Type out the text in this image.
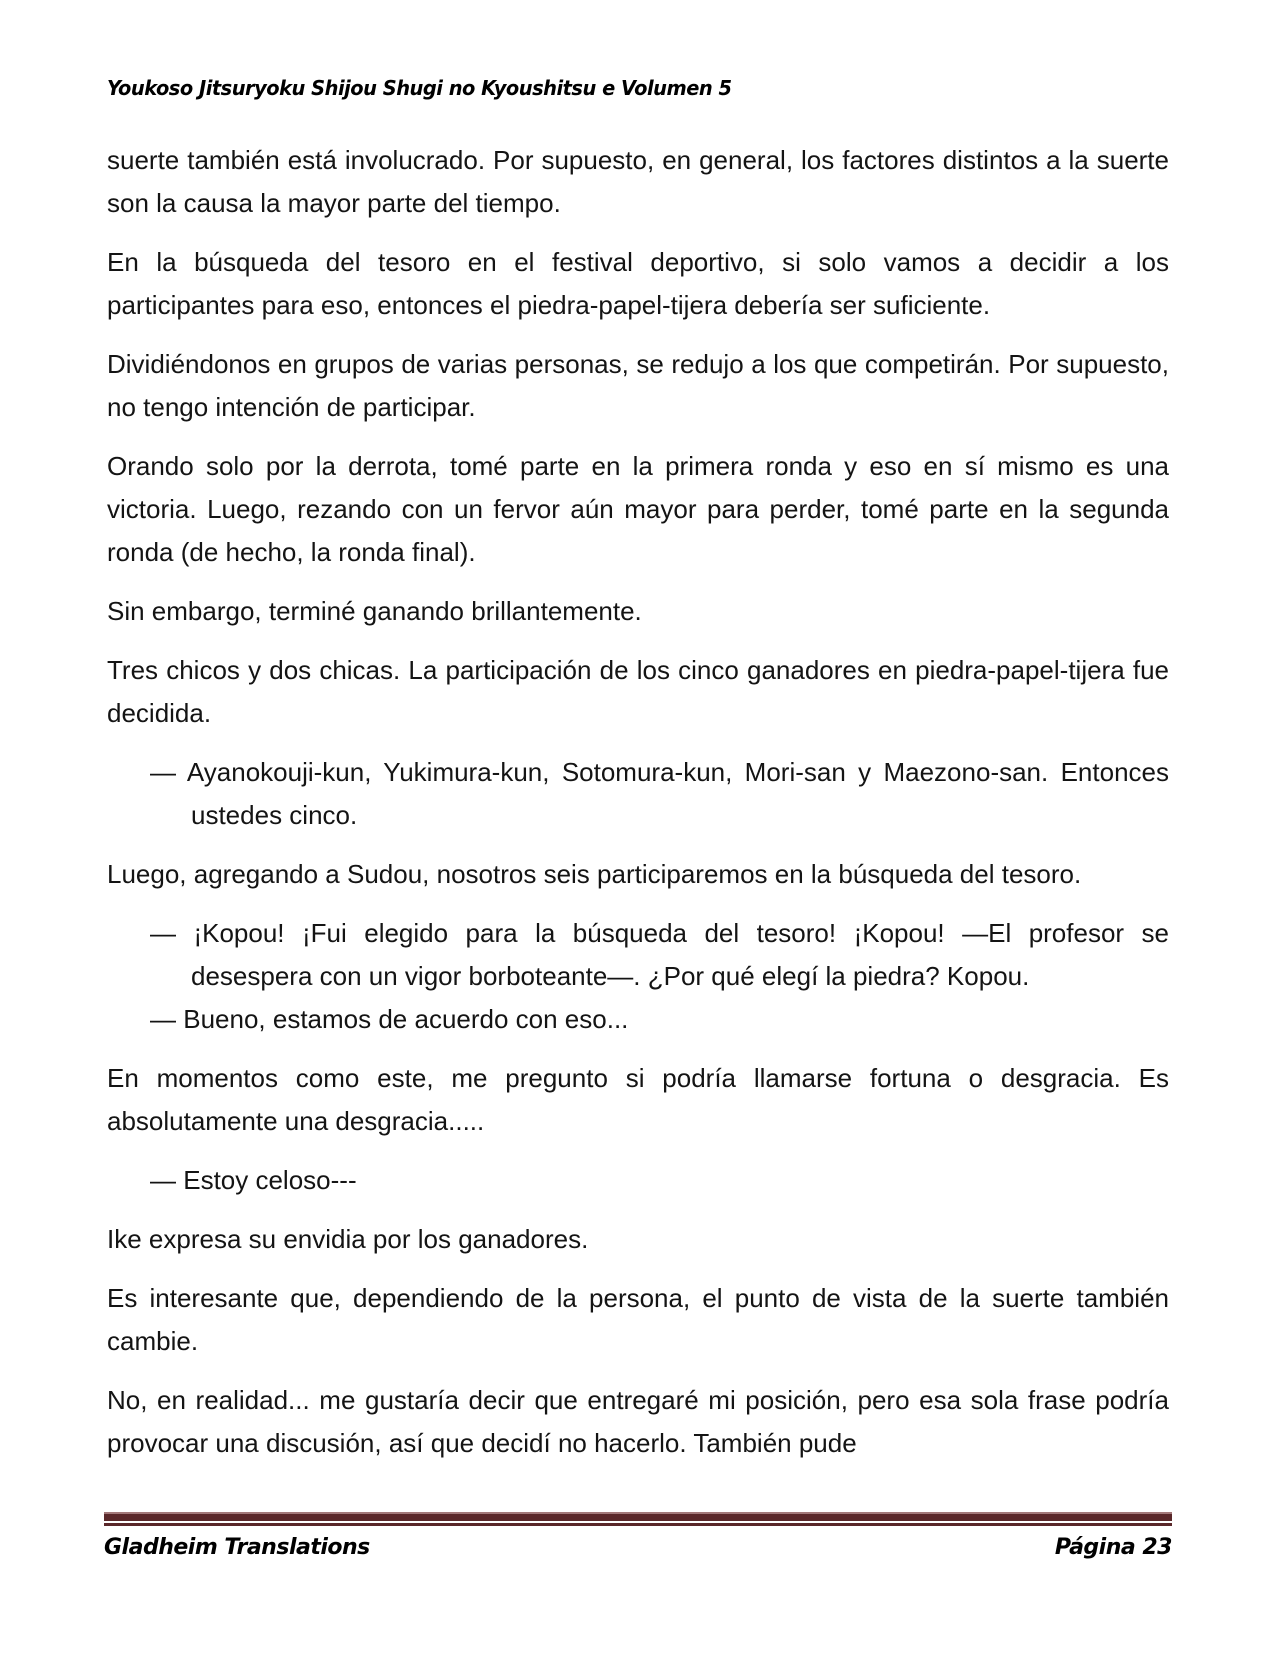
Youkoso Jitsuryoku Shijou Shugi no Kyoushitsu e Volumen 5

suerte también está involucrado. Por supuesto, en general, los factores distintos a la suerte son la causa la mayor parte del tiempo.

En la búsqueda del tesoro en el festival deportivo, si solo vamos a decidir a los participantes para eso, entonces el piedra-papel-tijera debería ser suficiente.

Dividiéndonos en grupos de varias personas, se redujo a los que competirán. Por supuesto, no tengo intención de participar.

Orando solo por la derrota, tomé parte en la primera ronda y eso en sí mismo es una victoria. Luego, rezando con un fervor aún mayor para perder, tomé parte en la segunda ronda (de hecho, la ronda final).

Sin embargo, terminé ganando brillantemente.

Tres chicos y dos chicas. La participación de los cinco ganadores en piedra-papel-tijera fue decidida.

— Ayanokouji-kun, Yukimura-kun, Sotomura-kun, Mori-san y Maezono-san. Entonces ustedes cinco.

Luego, agregando a Sudou, nosotros seis participaremos en la búsqueda del tesoro.

— ¡Kopou! ¡Fui elegido para la búsqueda del tesoro! ¡Kopou! —El profesor se desespera con un vigor borboteante—. ¿Por qué elegí la piedra? Kopou.

— Bueno, estamos de acuerdo con eso...

En momentos como este, me pregunto si podría llamarse fortuna o desgracia. Es absolutamente una desgracia.....

— Estoy celoso---

Ike expresa su envidia por los ganadores.

Es interesante que, dependiendo de la persona, el punto de vista de la suerte también cambie.

No, en realidad... me gustaría decir que entregaré mi posición, pero esa sola frase podría provocar una discusión, así que decidí no hacerlo. También pude

Gladheim Translations	Página 23
